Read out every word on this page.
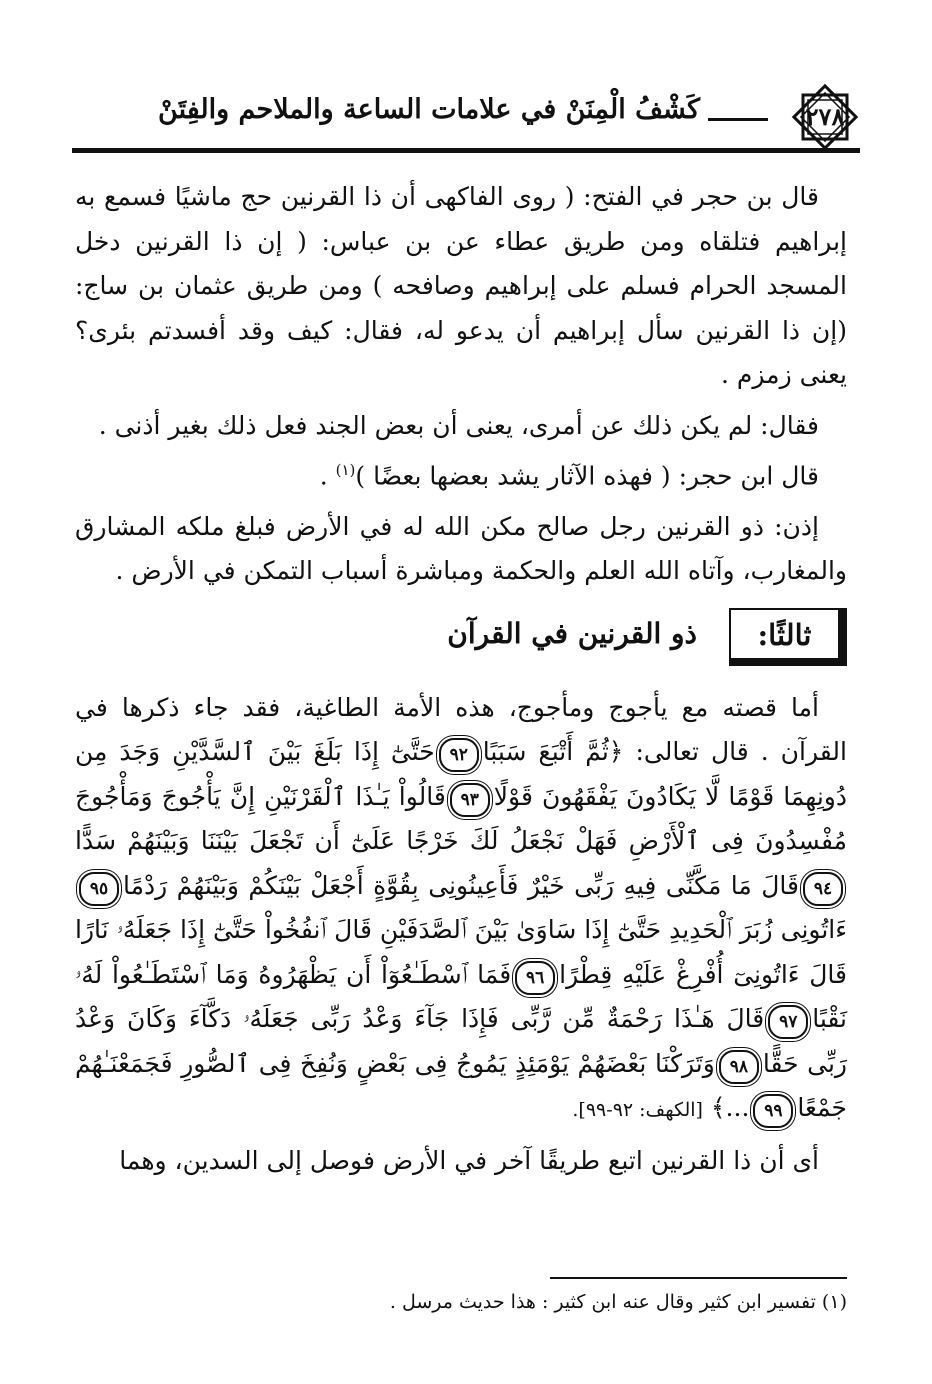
٢٧٨
كَشْفُ الْمِنَنْ في علامات الساعة والملاحم والفِتَنْ

قال بن حجر في الفتح: ( روى الفاكهى أن ذا القرنين حج ماشيًا فسمع به إبراهيم فتلقاه ومن طريق عطاء عن بن عباس: ( إن ذا القرنين دخل المسجد الحرام فسلم على إبراهيم وصافحه ) ومن طريق عثمان بن ساج: (إن ذا القرنين سأل إبراهيم أن يدعو له، فقال: كيف وقد أفسدتم بئرى؟ يعنى زمزم .

فقال: لم يكن ذلك عن أمرى، يعنى أن بعض الجند فعل ذلك بغير أذنى .

قال ابن حجر: ( فهذه الآثار يشد بعضها بعضًا )$^{(١)}$ .

إذن: ذو القرنين رجل صالح مكن الله له في الأرض فبلغ ملكه المشارق والمغارب، وآتاه الله العلم والحكمة ومباشرة أسباب التمكن في الأرض .

ثالثًا:
ذو القرنين في القرآن

أما قصته مع يأجوج ومأجوج، هذه الأمة الطاغية، فقد جاء ذكرها في القرآن . قال تعالى: ﴿ثُمَّ أَتْبَعَ سَبَبًا٩٢حَتَّىٰٓ إِذَا بَلَغَ بَيْنَ ٱلسَّدَّيْنِ وَجَدَ مِن دُونِهِمَا قَوْمًا لَّا يَكَادُونَ يَفْقَهُونَ قَوْلًا٩٣قَالُواْ يَـٰذَا ٱلْقَرْنَيْنِ إِنَّ يَأْجُوجَ وَمَأْجُوجَ مُفْسِدُونَ فِى ٱلْأَرْضِ فَهَلْ نَجْعَلُ لَكَ خَرْجًا عَلَىٰٓ أَن تَجْعَلَ بَيْنَنَا وَبَيْنَهُمْ سَدًّا٩٤قَالَ مَا مَكَّنِّى فِيهِ رَبِّى خَيْرٌ فَأَعِينُونِى بِقُوَّةٍ أَجْعَلْ بَيْنَكُمْ وَبَيْنَهُمْ رَدْمًا٩٥ءَاتُونِى زُبَرَ ٱلْحَدِيدِ حَتَّىٰٓ إِذَا سَاوَىٰ بَيْنَ ٱلصَّدَفَيْنِ قَالَ ٱنفُخُواْ حَتَّىٰٓ إِذَا جَعَلَهُۥ نَارًا قَالَ ءَاتُونِىٓ أُفْرِغْ عَلَيْهِ قِطْرًا٩٦فَمَا ٱسْطَـٰعُوٓاْ أَن يَظْهَرُوهُ وَمَا ٱسْتَطَـٰعُواْ لَهُۥ نَقْبًا٩٧قَالَ هَـٰذَا رَحْمَةٌ مِّن رَّبِّى فَإِذَا جَآءَ وَعْدُ رَبِّى جَعَلَهُۥ دَكَّآءَ وَكَانَ وَعْدُ رَبِّى حَقًّا٩٨وَتَرَكْنَا بَعْضَهُمْ يَوْمَئِذٍ يَمُوجُ فِى بَعْضٍ وَنُفِخَ فِى ٱلصُّورِ فَجَمَعْنَـٰهُمْ جَمْعًا٩٩...﴾ [الكهف: ٩٢-٩٩].

أى أن ذا القرنين اتبع طريقًا آخر في الأرض فوصل إلى السدين، وهما

(١) تفسير ابن كثير وقال عنه ابن كثير : هذا حديث مرسل .
